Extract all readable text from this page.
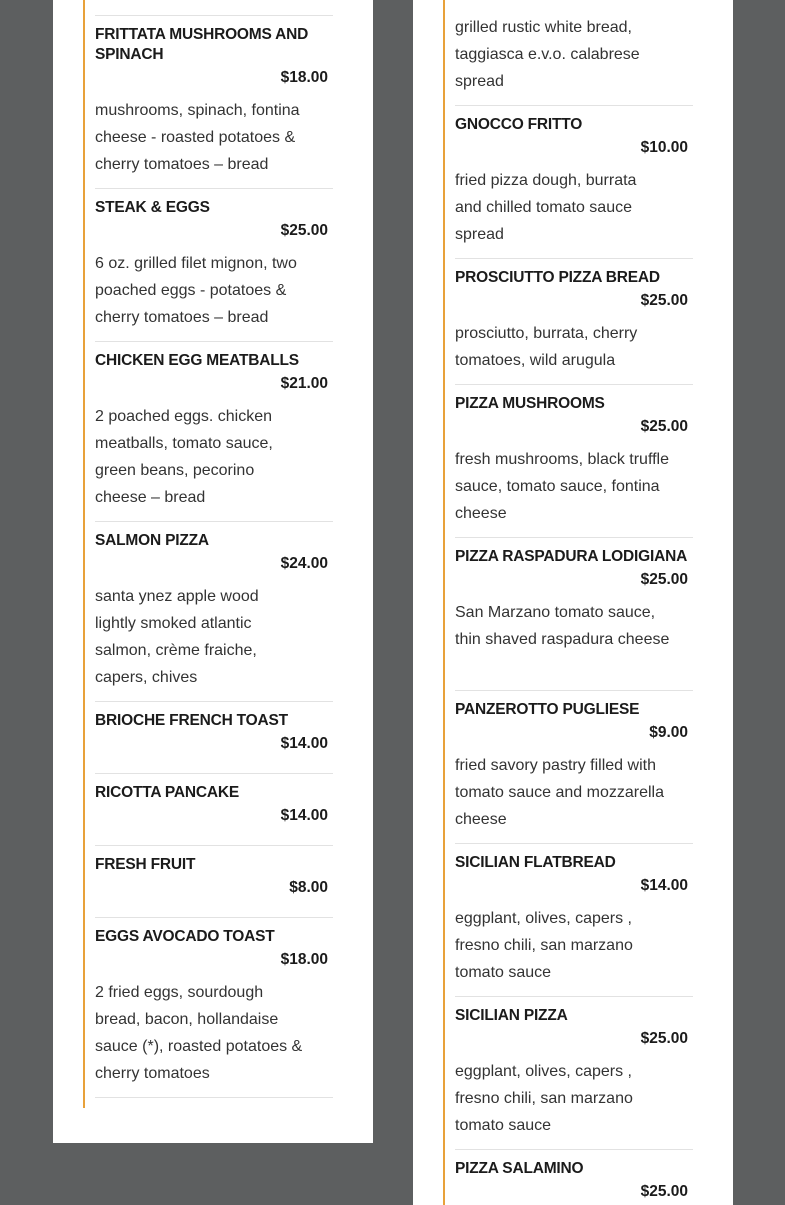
FRITTATA MUSHROOMS AND SPINACH
$18.00
mushrooms, spinach, fontina cheese - roasted potatoes & cherry tomatoes – bread
STEAK & EGGS
$25.00
6 oz. grilled filet mignon, two poached eggs - potatoes & cherry tomatoes – bread
CHICKEN EGG MEATBALLS
$21.00
2 poached eggs. chicken meatballs, tomato sauce, green beans, pecorino cheese – bread
SALMON PIZZA
$24.00
santa ynez apple wood lightly smoked atlantic salmon, crème fraiche, capers, chives
BRIOCHE FRENCH TOAST
$14.00
RICOTTA PANCAKE
$14.00
FRESH FRUIT
$8.00
EGGS AVOCADO TOAST
$18.00
2 fried eggs, sourdough bread, bacon, hollandaise sauce (*), roasted potatoes & cherry tomatoes
grilled rustic white bread, taggiasca e.v.o. calabrese spread
GNOCCO FRITTO
$10.00
fried pizza dough, burrata and chilled tomato sauce spread
PROSCIUTTO PIZZA BREAD
$25.00
prosciutto, burrata, cherry tomatoes, wild arugula
PIZZA MUSHROOMS
$25.00
fresh mushrooms, black truffle sauce, tomato sauce, fontina cheese
PIZZA RASPADURA LODIGIANA
$25.00
San Marzano tomato sauce, thin shaved raspadura cheese
PANZEROTTO PUGLIESE
$9.00
fried savory pastry filled with tomato sauce and mozzarella cheese
SICILIAN FLATBREAD
$14.00
eggplant, olives, capers , fresno chili, san marzano tomato sauce
SICILIAN PIZZA
$25.00
eggplant, olives, capers , fresno chili, san marzano tomato sauce
PIZZA SALAMINO
$25.00
